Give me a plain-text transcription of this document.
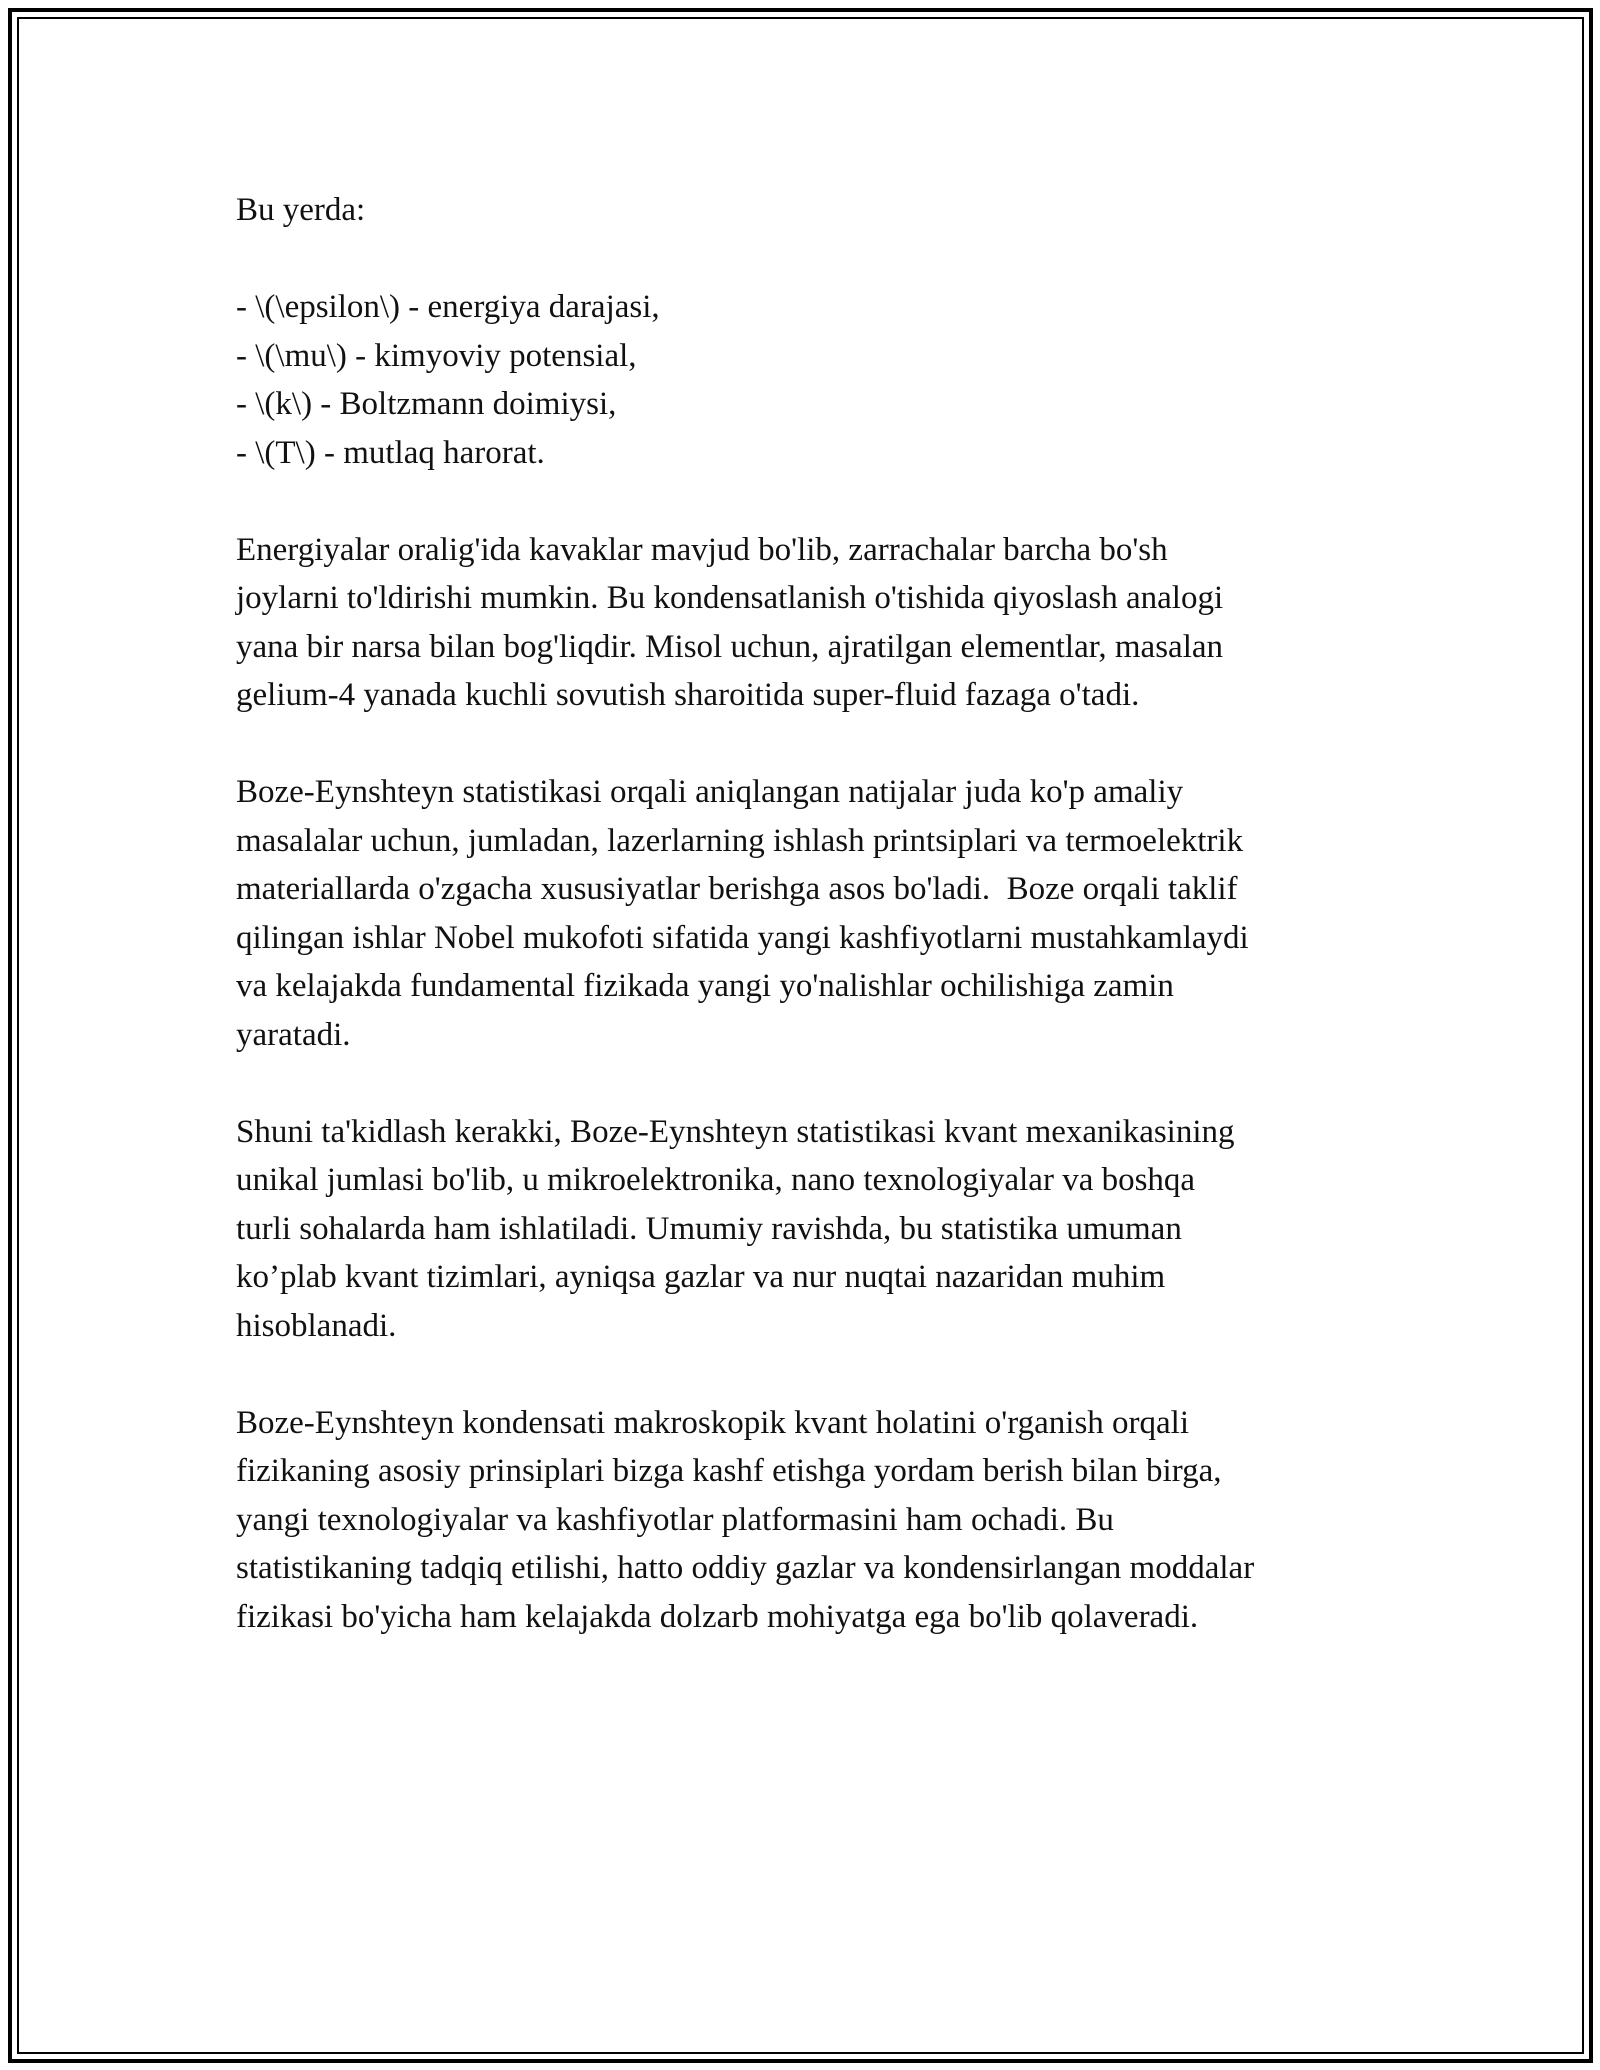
Bu yerda:

- \(\epsilon\) - energiya darajasi,
- \(\mu\) - kimyoviy potensial,
- \(k\) - Boltzmann doimiysi,
- \(T\) - mutlaq harorat.

Energiyalar oralig'ida kavaklar mavjud bo'lib, zarrachalar barcha bo'sh
joylarni to'ldirishi mumkin. Bu kondensatlanish o'tishida qiyoslash analogi
yana bir narsa bilan bog'liqdir. Misol uchun, ajratilgan elementlar, masalan
gelium-4 yanada kuchli sovutish sharoitida super-fluid fazaga o'tadi.

Boze-Eynshteyn statistikasi orqali aniqlangan natijalar juda ko'p amaliy
masalalar uchun, jumladan, lazerlarning ishlash printsiplari va termoelektrik
materiallarda o'zgacha xususiyatlar berishga asos bo'ladi.  Boze orqali taklif
qilingan ishlar Nobel mukofoti sifatida yangi kashfiyotlarni mustahkamlaydi
va kelajakda fundamental fizikada yangi yo'nalishlar ochilishiga zamin
yaratadi.

Shuni ta'kidlash kerakki, Boze-Eynshteyn statistikasi kvant mexanikasining
unikal jumlasi bo'lib, u mikroelektronika, nano texnologiyalar va boshqa
turli sohalarda ham ishlatiladi. Umumiy ravishda, bu statistika umuman
ko’plab kvant tizimlari, ayniqsa gazlar va nur nuqtai nazaridan muhim
hisoblanadi.

Boze-Eynshteyn kondensati makroskopik kvant holatini o'rganish orqali
fizikaning asosiy prinsiplari bizga kashf etishga yordam berish bilan birga,
yangi texnologiyalar va kashfiyotlar platformasini ham ochadi. Bu
statistikaning tadqiq etilishi, hatto oddiy gazlar va kondensirlangan moddalar
fizikasi bo'yicha ham kelajakda dolzarb mohiyatga ega bo'lib qolaveradi.
